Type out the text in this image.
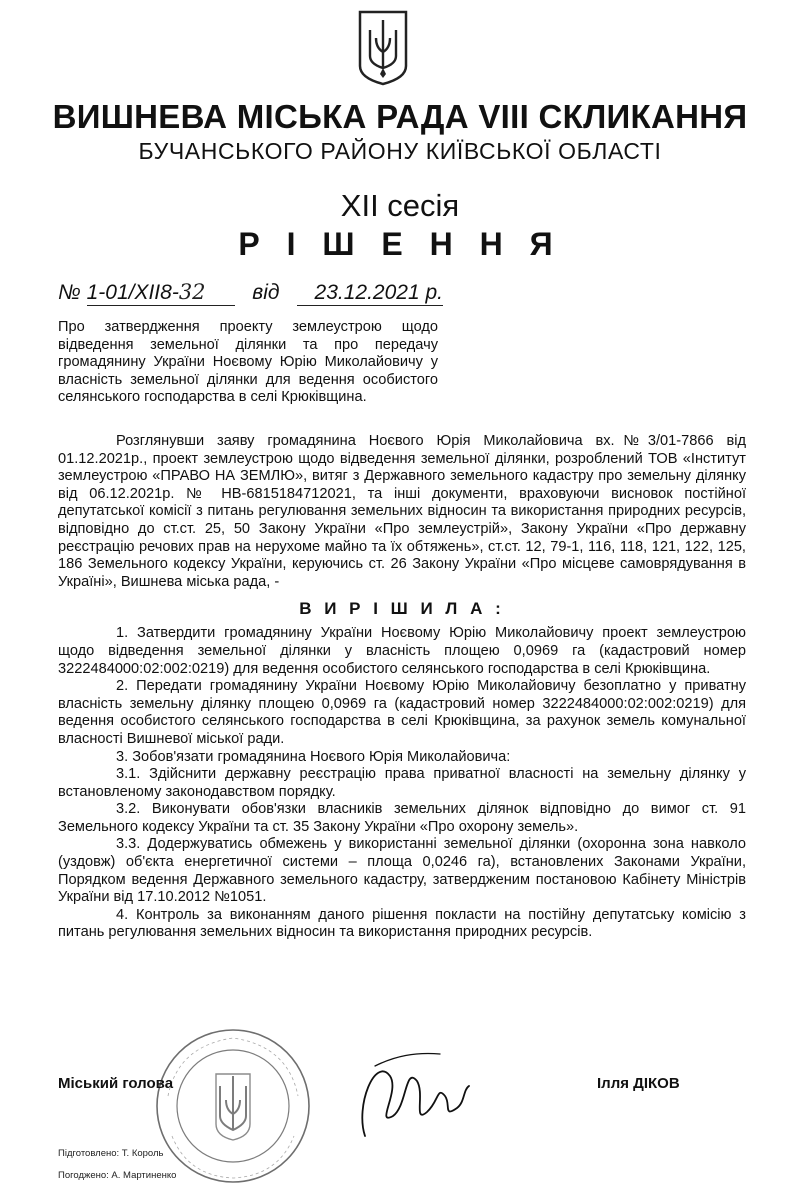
ВИШНЕВА МІСЬКА РАДА VIII СКЛИКАННЯ
БУЧАНСЬКОГО РАЙОНУ КИЇВСЬКОЇ ОБЛАСТІ
XII сесія
Р І Ш Е Н Н Я
№ 1-01/XII8-32 від 23.12.2021 р.

Про затвердження проекту землеустрою щодо відведення земельної ділянки та про передачу громадянину України Ноєвому Юрію Миколайовичу у власність земельної ділянки для ведення особистого селянського господарства в селі Крюківщина.

Розглянувши заяву громадянина Ноєвого Юрія Миколайовича вх.№3/01-7866 від 01.12.2021р., проект землеустрою щодо відведення земельної ділянки, розроблений ТОВ «Інститут землеустрою «ПРАВО НА ЗЕМЛЮ», витяг з Державного земельного кадастру про земельну ділянку від 06.12.2021р. № НВ-6815184712021, та інші документи, враховуючи висновок постійної депутатської комісії з питань регулювання земельних відносин та використання природних ресурсів, відповідно до ст.ст. 25, 50 Закону України «Про землеустрій», Закону України «Про державну реєстрацію речових прав на нерухоме майно та їх обтяжень», ст.ст. 12, 79-1, 116, 118, 121, 122, 125, 186 Земельного кодексу України, керуючись ст. 26 Закону України «Про місцеве самоврядування в Україні», Вишнева міська рада, -

В И Р І Ш И Л А :

1. Затвердити громадянину України Ноєвому Юрію Миколайовичу проект землеустрою щодо відведення земельної ділянки у власність площею 0,0969 га (кадастровий номер 3222484000:02:002:0219) для ведення особистого селянського господарства в селі Крюківщина.

2. Передати громадянину України Ноєвому Юрію Миколайовичу безоплатно у приватну власність земельну ділянку площею 0,0969 га (кадастровий номер 3222484000:02:002:0219) для ведення особистого селянського господарства в селі Крюківщина, за рахунок земель комунальної власності Вишневої міської ради.

3. Зобов'язати громадянина Ноєвого Юрія Миколайовича:

3.1. Здійснити державну реєстрацію права приватної власності на земельну ділянку у встановленому законодавством порядку.

3.2. Виконувати обов'язки власників земельних ділянок відповідно до вимог ст. 91 Земельного кодексу України та ст. 35 Закону України «Про охорону земель».

3.3. Додержуватись обмежень у використанні земельної ділянки (охоронна зона навколо (уздовж) об'єкта енергетичної системи – площа 0,0246 га), встановлених Законами України, Порядком ведення Державного земельного кадастру, затвердженим постановою Кабінету Міністрів України від 17.10.2012 №1051.

4. Контроль за виконанням даного рішення покласти на постійну депутатську комісію з питань регулювання земельних відносин та використання природних ресурсів.

Міський голова	Ілля ДІКОВ
Підготовлено: Т. Король
Погоджено: А. Мартиненко
